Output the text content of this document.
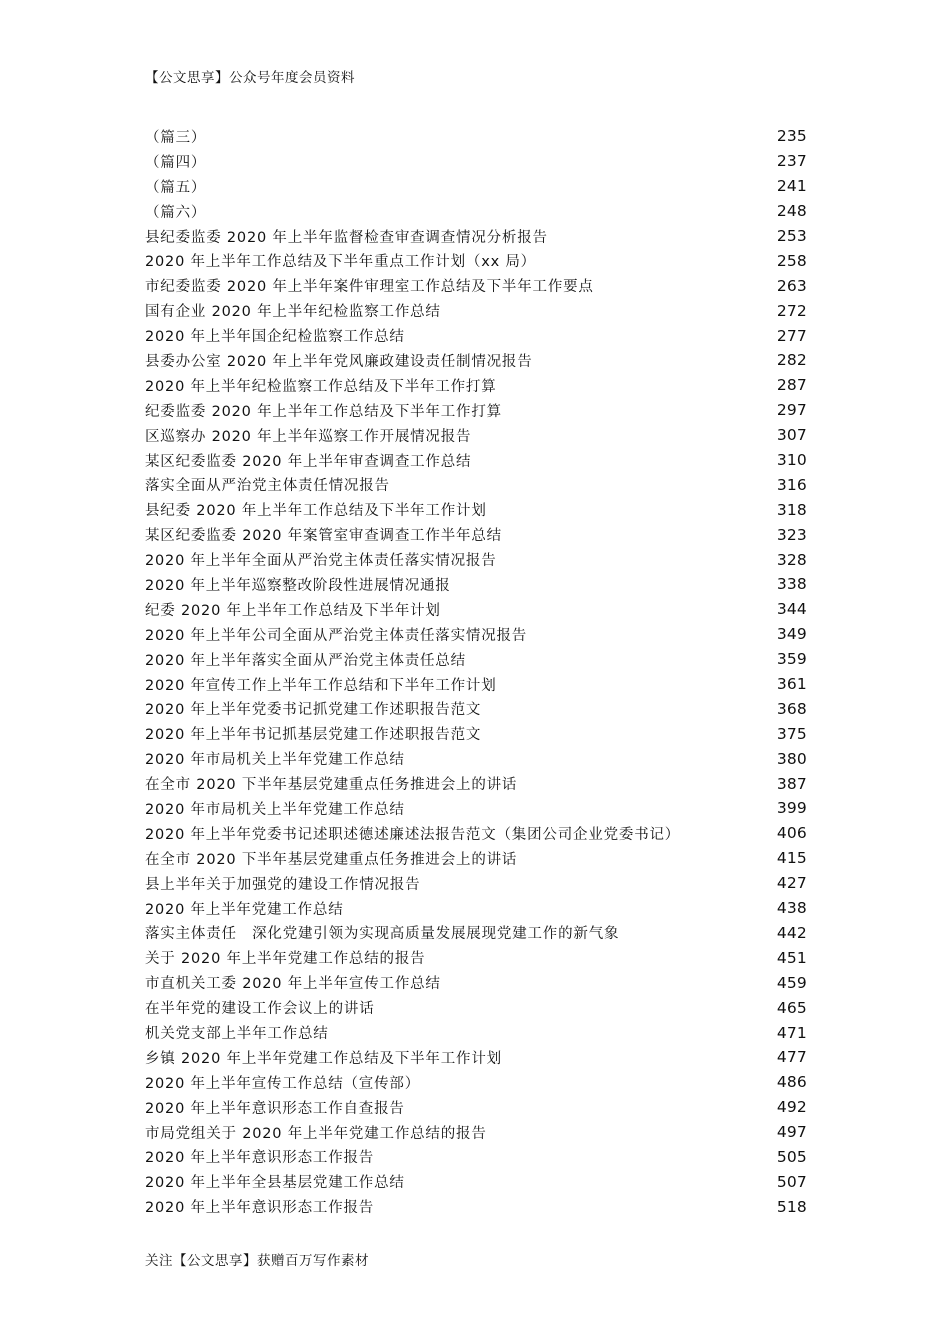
【公文思享】公众号年度会员资料
（篇三）	235
（篇四）	237
（篇五）	241
（篇六）	248
县纪委监委 2020 年上半年监督检查审查调查情况分析报告	253
2020 年上半年工作总结及下半年重点工作计划（xx 局）	258
市纪委监委 2020 年上半年案件审理室工作总结及下半年工作要点	263
国有企业 2020 年上半年纪检监察工作总结	272
2020 年上半年国企纪检监察工作总结	277
县委办公室 2020 年上半年党风廉政建设责任制情况报告	282
2020 年上半年纪检监察工作总结及下半年工作打算	287
纪委监委 2020 年上半年工作总结及下半年工作打算	297
区巡察办 2020 年上半年巡察工作开展情况报告	307
某区纪委监委 2020 年上半年审查调查工作总结	310
落实全面从严治党主体责任情况报告	316
县纪委 2020 年上半年工作总结及下半年工作计划	318
某区纪委监委 2020 年案管室审查调查工作半年总结	323
2020 年上半年全面从严治党主体责任落实情况报告	328
2020 年上半年巡察整改阶段性进展情况通报	338
纪委 2020 年上半年工作总结及下半年计划	344
2020 年上半年公司全面从严治党主体责任落实情况报告	349
2020 年上半年落实全面从严治党主体责任总结	359
2020 年宣传工作上半年工作总结和下半年工作计划	361
2020 年上半年党委书记抓党建工作述职报告范文	368
2020 年上半年书记抓基层党建工作述职报告范文	375
2020 年市局机关上半年党建工作总结	380
在全市 2020 下半年基层党建重点任务推进会上的讲话	387
2020 年市局机关上半年党建工作总结	399
2020 年上半年党委书记述职述德述廉述法报告范文（集团公司企业党委书记）	406
在全市 2020 下半年基层党建重点任务推进会上的讲话	415
县上半年关于加强党的建设工作情况报告	427
2020 年上半年党建工作总结	438
落实主体责任　深化党建引领为实现高质量发展展现党建工作的新气象	442
关于 2020 年上半年党建工作总结的报告	451
市直机关工委 2020 年上半年宣传工作总结	459
在半年党的建设工作会议上的讲话	465
机关党支部上半年工作总结	471
乡镇 2020 年上半年党建工作总结及下半年工作计划	477
2020 年上半年宣传工作总结（宣传部）	486
2020 年上半年意识形态工作自查报告	492
市局党组关于 2020 年上半年党建工作总结的报告	497
2020 年上半年意识形态工作报告	505
2020 年上半年全县基层党建工作总结	507
2020 年上半年意识形态工作报告	518
关注【公文思享】获赠百万写作素材
